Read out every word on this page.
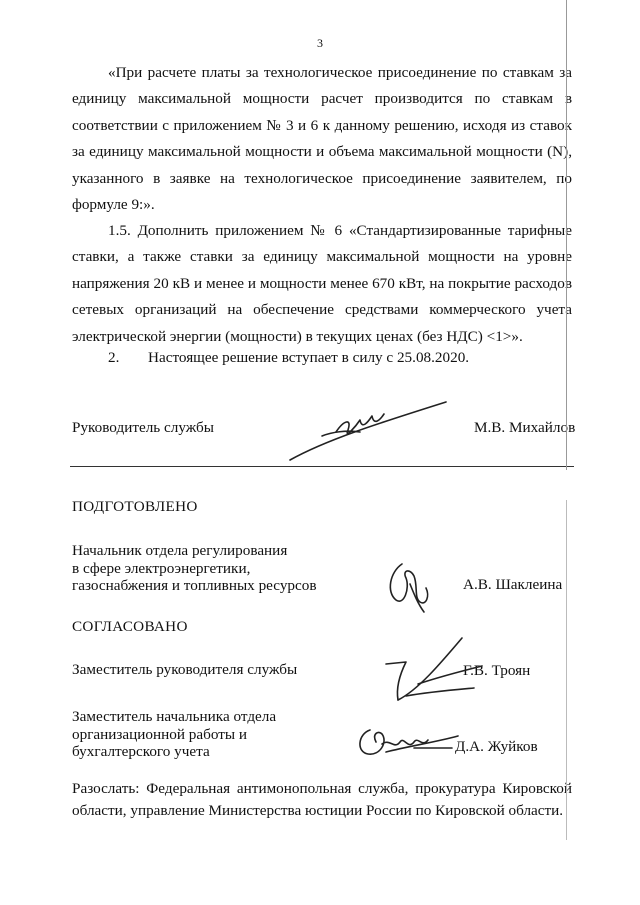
3

«При расчете платы за технологическое присоединение по ставкам за единицу максимальной мощности расчет производится по ставкам в соответствии с приложением № 3 и 6 к данному решению, исходя из ставок за единицу максимальной мощности и объема максимальной мощности (N), указанного в заявке на технологическое присоединение заявителем, по формуле 9:».

1.5. Дополнить приложением № 6 «Стандартизированные тарифные ставки, а также ставки за единицу максимальной мощности на уровне напряжения 20 кВ и менее и мощности менее 670 кВт, на покрытие расходов сетевых организаций на обеспечение средствами коммерческого учета электрической энергии (мощности) в текущих ценах (без НДС) <1>».

2. Настоящее решение вступает в силу с 25.08.2020.

Руководитель службы	М.В. Михайлов
ПОДГОТОВЛЕНО
Начальник отдела регулирования
в сфере электроэнергетики,
газоснабжения и топливных ресурсов	А.В. Шаклеина
СОГЛАСОВАНО
Заместитель руководителя службы	Г.В. Троян
Заместитель начальника отдела
организационной работы и
бухгалтерского учета	Д.А. Жуйков

Разослать: Федеральная антимонопольная служба, прокуратура Кировской области, управление Министерства юстиции России по Кировской области.
